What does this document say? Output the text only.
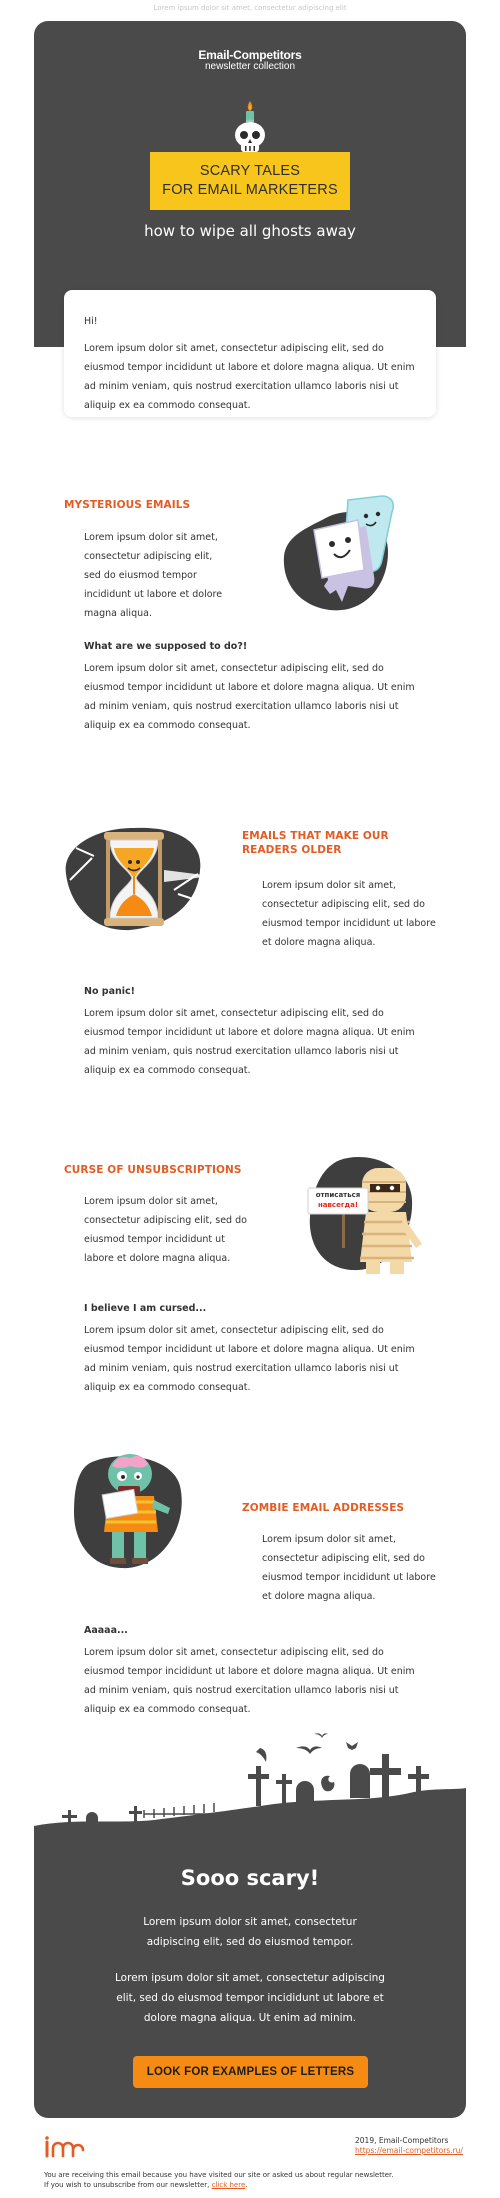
Lorem ipsum dolor sit amet, consectetur adipiscing elit
Email-Competitors
newsletter collection
SCARY TALES
FOR EMAIL MARKETERS
how to wipe all ghosts away
Hi!
Lorem ipsum dolor sit amet, consectetur adipiscing elit, sed do eiusmod tempor incididunt ut labore et dolore magna aliqua. Ut enim ad minim veniam, quis nostrud exercitation ullamco laboris nisi ut aliquip ex ea commodo consequat.
MYSTERIOUS EMAILS
Lorem ipsum dolor sit amet, consectetur adipiscing elit, sed do eiusmod tempor incididunt ut labore et dolore magna aliqua.
What are we supposed to do?!
Lorem ipsum dolor sit amet, consectetur adipiscing elit, sed do eiusmod tempor incididunt ut labore et dolore magna aliqua. Ut enim ad minim veniam, quis nostrud exercitation ullamco laboris nisi ut aliquip ex ea commodo consequat.
EMAILS THAT MAKE OUR READERS OLDER
Lorem ipsum dolor sit amet, consectetur adipiscing elit, sed do eiusmod tempor incididunt ut labore et dolore magna aliqua.
No panic!
Lorem ipsum dolor sit amet, consectetur adipiscing elit, sed do eiusmod tempor incididunt ut labore et dolore magna aliqua. Ut enim ad minim veniam, quis nostrud exercitation ullamco laboris nisi ut aliquip ex ea commodo consequat.
CURSE OF UNSUBSCRIPTIONS
Lorem ipsum dolor sit amet, consectetur adipiscing elit, sed do eiusmod tempor incididunt ut labore et dolore magna aliqua.
отписаться
навсегда!
I believe I am cursed...
Lorem ipsum dolor sit amet, consectetur adipiscing elit, sed do eiusmod tempor incididunt ut labore et dolore magna aliqua. Ut enim ad minim veniam, quis nostrud exercitation ullamco laboris nisi ut aliquip ex ea commodo consequat.
ZOMBIE EMAIL ADDRESSES
Lorem ipsum dolor sit amet, consectetur adipiscing elit, sed do eiusmod tempor incididunt ut labore et dolore magna aliqua.
Aaaaa...
Lorem ipsum dolor sit amet, consectetur adipiscing elit, sed do eiusmod tempor incididunt ut labore et dolore magna aliqua. Ut enim ad minim veniam, quis nostrud exercitation ullamco laboris nisi ut aliquip ex ea commodo consequat.
Sooo scary!
Lorem ipsum dolor sit amet, consectetur adipiscing elit, sed do eiusmod tempor.
Lorem ipsum dolor sit amet, consectetur adipiscing elit, sed do eiusmod tempor incididunt ut labore et dolore magna aliqua. Ut enim ad minim.
LOOK FOR EXAMPLES OF LETTERS
2019, Email-Competitors
https://email-competitors.ru/
You are receiving this email because you have visited our site or asked us about regular newsletter.
If you wish to unsubscribe from our newsletter, click here.
